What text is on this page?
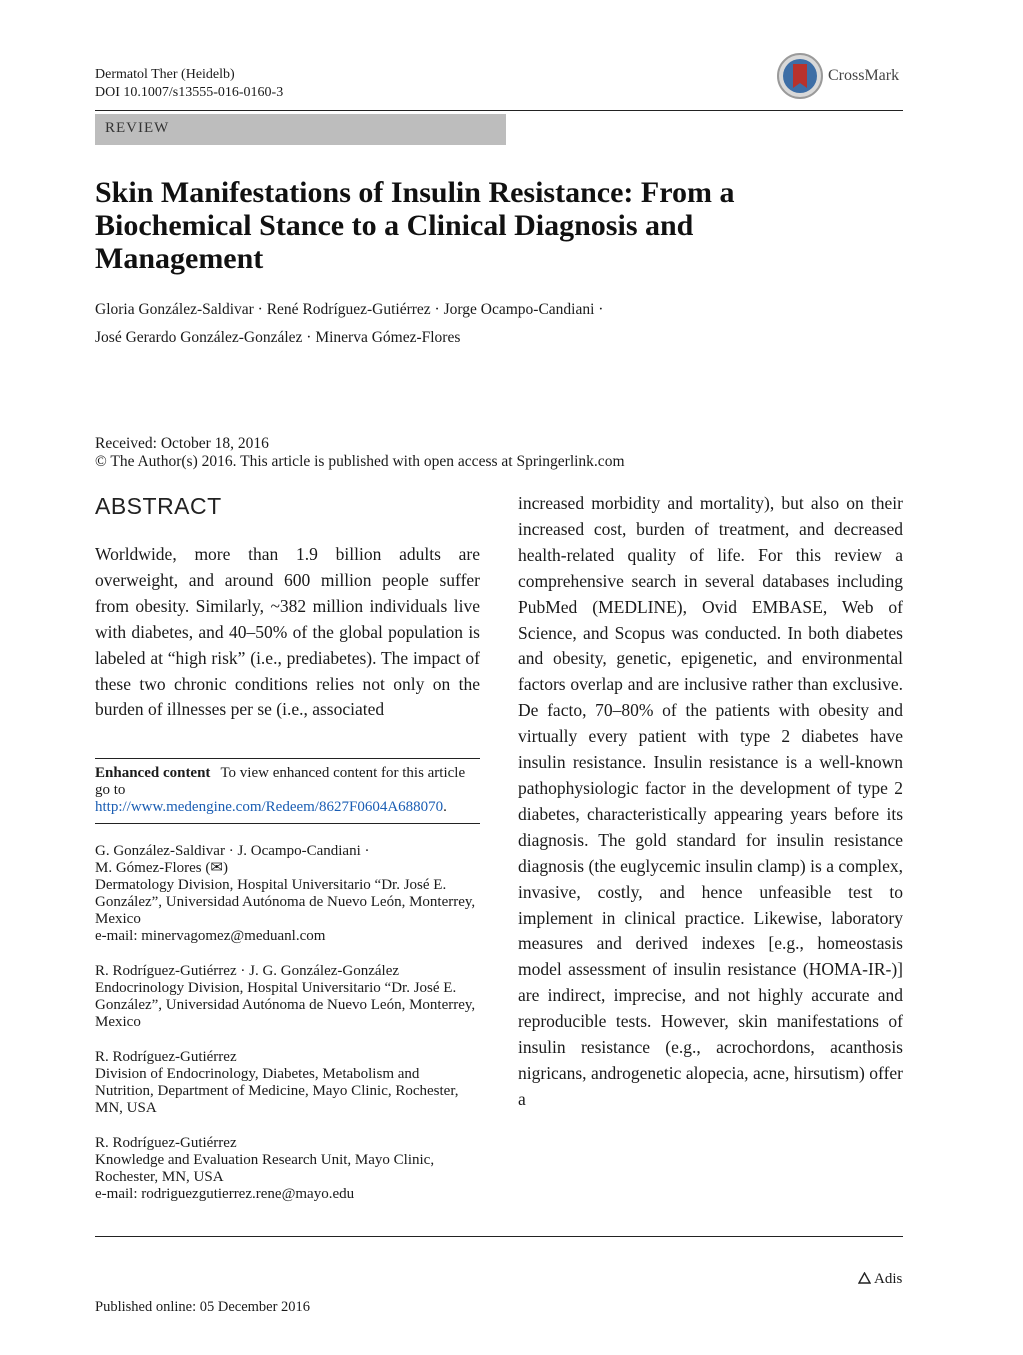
Dermatol Ther (Heidelb)
DOI 10.1007/s13555-016-0160-3
CrossMark
REVIEW
Skin Manifestations of Insulin Resistance: From a Biochemical Stance to a Clinical Diagnosis and Management
Gloria González-Saldivar · René Rodríguez-Gutiérrez · Jorge Ocampo-Candiani ·
José Gerardo González-González · Minerva Gómez-Flores
Received: October 18, 2016
© The Author(s) 2016. This article is published with open access at Springerlink.com
ABSTRACT
Worldwide, more than 1.9 billion adults are overweight, and around 600 million people suffer from obesity. Similarly, ~382 million individuals live with diabetes, and 40–50% of the global population is labeled at “high risk” (i.e., prediabetes). The impact of these two chronic conditions relies not only on the burden of illnesses per se (i.e., associated
increased morbidity and mortality), but also on their increased cost, burden of treatment, and decreased health-related quality of life. For this review a comprehensive search in several databases including PubMed (MEDLINE), Ovid EMBASE, Web of Science, and Scopus was conducted. In both diabetes and obesity, genetic, epigenetic, and environmental factors overlap and are inclusive rather than exclusive. De facto, 70–80% of the patients with obesity and virtually every patient with type 2 diabetes have insulin resistance. Insulin resistance is a well-known pathophysiologic factor in the development of type 2 diabetes, characteristically appearing years before its diagnosis. The gold standard for insulin resistance diagnosis (the euglycemic insulin clamp) is a complex, invasive, costly, and hence unfeasible test to implement in clinical practice. Likewise, laboratory measures and derived indexes [e.g., homeostasis model assessment of insulin resistance (HOMA-IR-)] are indirect, imprecise, and not highly accurate and reproducible tests. However, skin manifestations of insulin resistance (e.g., acrochordons, acanthosis nigricans, androgenetic alopecia, acne, hirsutism) offer a
Enhanced content To view enhanced content for this article go to http://www.medengine.com/Redeem/8627F0604A688070.
G. González-Saldivar · J. Ocampo-Candiani ·
M. Gómez-Flores (✉)
Dermatology Division, Hospital Universitario “Dr. José E. González”, Universidad Autónoma de Nuevo León, Monterrey, Mexico
e-mail: minervagomez@meduanl.com
R. Rodríguez-Gutiérrez · J. G. González-González
Endocrinology Division, Hospital Universitario “Dr. José E. González”, Universidad Autónoma de Nuevo León, Monterrey, Mexico
R. Rodríguez-Gutiérrez
Division of Endocrinology, Diabetes, Metabolism and Nutrition, Department of Medicine, Mayo Clinic, Rochester, MN, USA
R. Rodríguez-Gutiérrez
Knowledge and Evaluation Research Unit, Mayo Clinic, Rochester, MN, USA
e-mail: rodriguezgutierrez.rene@mayo.edu
Adis
Published online: 05 December 2016
